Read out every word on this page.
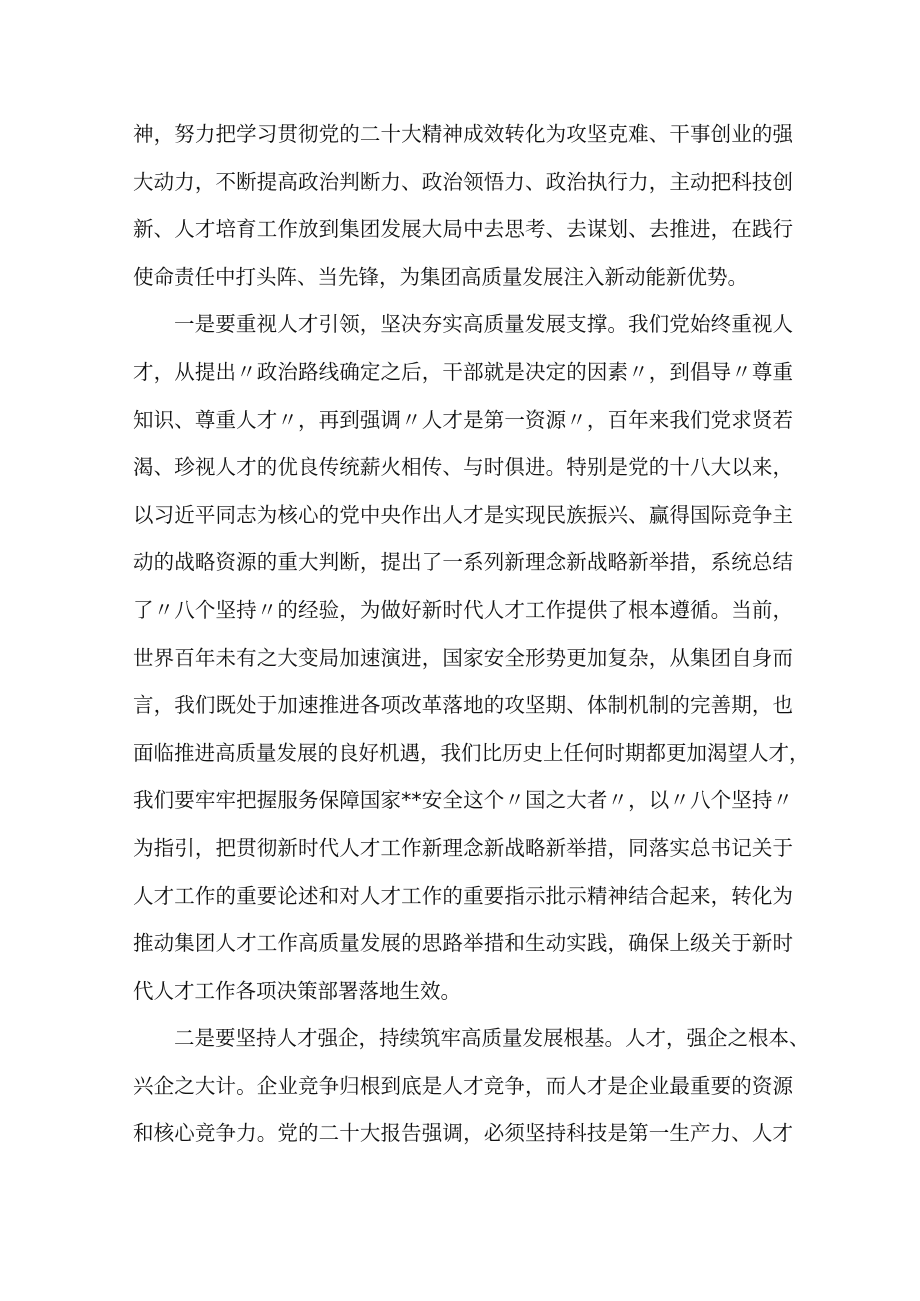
神，努力把学习贯彻党的二十大精神成效转化为攻坚克难、干事创业的强
大动力，不断提高政治判断力、政治领悟力、政治执行力，主动把科技创
新、人才培育工作放到集团发展大局中去思考、去谋划、去推进，在践行
使命责任中打头阵、当先锋，为集团高质量发展注入新动能新优势。
一是要重视人才引领，坚决夯实高质量发展支撑。我们党始终重视人
才，从提出〃政治路线确定之后，干部就是决定的因素〃，到倡导〃尊重
知识、尊重人才〃，再到强调〃人才是第一资源〃，百年来我们党求贤若
渴、珍视人才的优良传统薪火相传、与时俱进。特别是党的十八大以来，
以习近平同志为核心的党中央作出人才是实现民族振兴、赢得国际竞争主
动的战略资源的重大判断，提出了一系列新理念新战略新举措，系统总结
了〃八个坚持〃的经验，为做好新时代人才工作提供了根本遵循。当前，
世界百年未有之大变局加速演进，国家安全形势更加复杂，从集团自身而
言，我们既处于加速推进各项改革落地的攻坚期、体制机制的完善期，也
面临推进高质量发展的良好机遇，我们比历史上任何时期都更加渴望人才，
我们要牢牢把握服务保障国家**安全这个〃国之大者〃，以〃八个坚持〃
为指引，把贯彻新时代人才工作新理念新战略新举措，同落实总书记关于
人才工作的重要论述和对人才工作的重要指示批示精神结合起来，转化为
推动集团人才工作高质量发展的思路举措和生动实践，确保上级关于新时
代人才工作各项决策部署落地生效。
二是要坚持人才强企，持续筑牢高质量发展根基。人才，强企之根本、
兴企之大计。企业竞争归根到底是人才竞争，而人才是企业最重要的资源
和核心竞争力。党的二十大报告强调，必须坚持科技是第一生产力、人才
